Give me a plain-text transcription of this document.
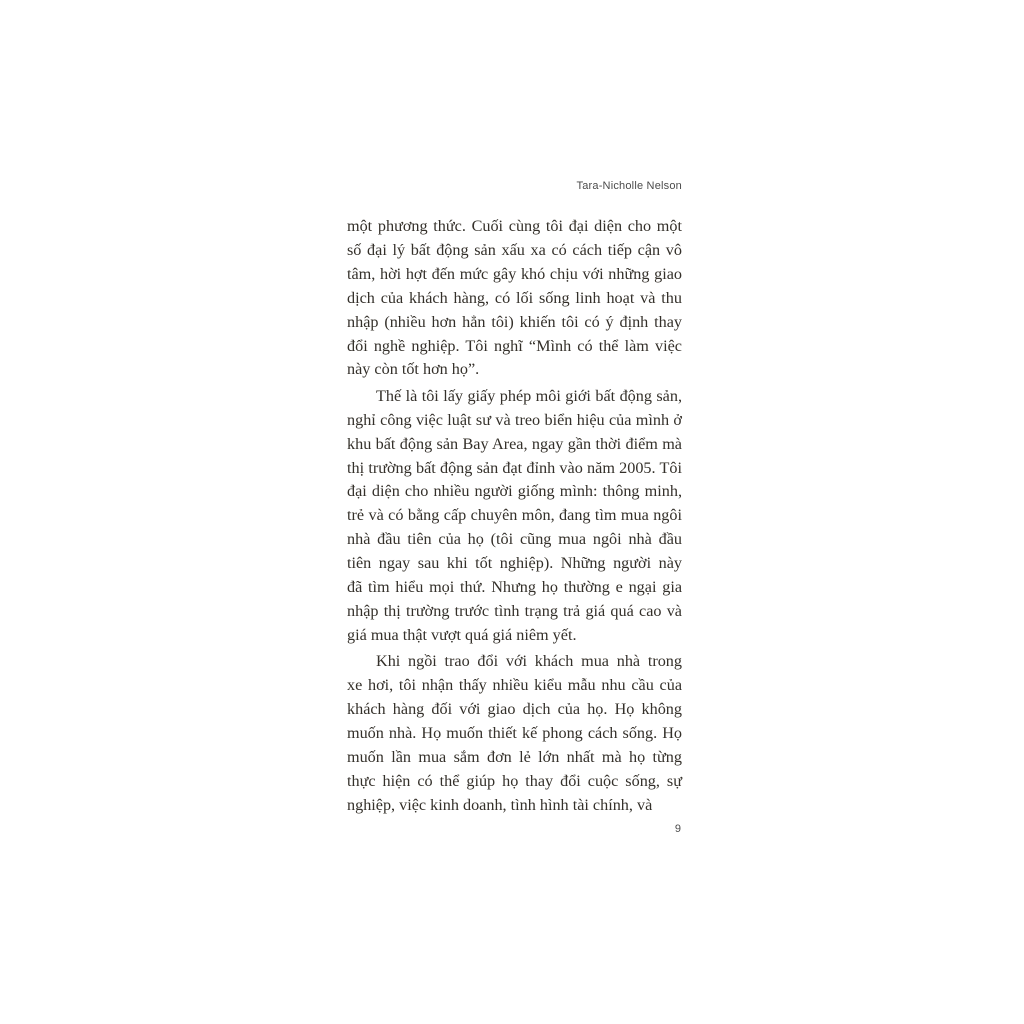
Tara-Nicholle Nelson
một phương thức. Cuối cùng tôi đại diện cho một
số đại lý bất động sản xấu xa có cách tiếp cận vô
tâm, hời hợt đến mức gây khó chịu với những giao
dịch của khách hàng, có lối sống linh hoạt và thu
nhập (nhiều hơn hẳn tôi) khiến tôi có ý định thay
đổi nghề nghiệp. Tôi nghĩ “Mình có thể làm việc
này còn tốt hơn họ”.
Thế là tôi lấy giấy phép môi giới bất động sản,
nghỉ công việc luật sư và treo biển hiệu của mình ở
khu bất động sản Bay Area, ngay gần thời điểm mà
thị trường bất động sản đạt đỉnh vào năm 2005. Tôi
đại diện cho nhiều người giống mình: thông minh,
trẻ và có bằng cấp chuyên môn, đang tìm mua ngôi
nhà đầu tiên của họ (tôi cũng mua ngôi nhà đầu
tiên ngay sau khi tốt nghiệp). Những người này
đã tìm hiểu mọi thứ. Nhưng họ thường e ngại gia
nhập thị trường trước tình trạng trả giá quá cao và
giá mua thật vượt quá giá niêm yết.
Khi ngồi trao đổi với khách mua nhà trong
xe hơi, tôi nhận thấy nhiều kiểu mẫu nhu cầu của
khách hàng đối với giao dịch của họ. Họ không
muốn nhà. Họ muốn thiết kế phong cách sống. Họ
muốn lần mua sắm đơn lẻ lớn nhất mà họ từng
thực hiện có thể giúp họ thay đổi cuộc sống, sự
nghiệp, việc kinh doanh, tình hình tài chính, và
9
